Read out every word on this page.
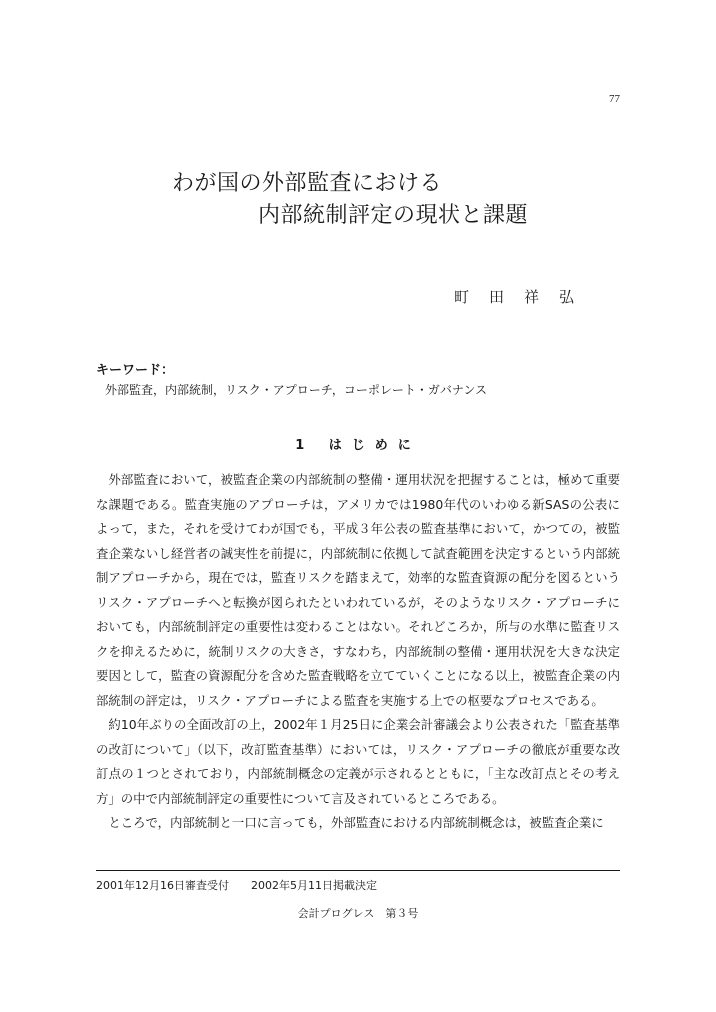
77
わが国の外部監査における
内部統制評定の現状と課題
町田祥弘
キーワード：
外部監査，内部統制，リスク・アプローチ，コーポレート・ガバナンス
1 はじめに

外部監査において，被監査企業の内部統制の整備・運用状況を把握することは，極めて重要な課題である。監査実施のアプローチは，アメリカでは1980年代のいわゆる新SASの公表によって，また，それを受けてわが国でも，平成３年公表の監査基準において，かつての，被監査企業ないし経営者の誠実性を前提に，内部統制に依拠して試査範囲を決定するという内部統制アプローチから，現在では，監査リスクを踏まえて，効率的な監査資源の配分を図るというリスク・アプローチへと転換が図られたといわれているが，そのようなリスク・アプローチにおいても，内部統制評定の重要性は変わることはない。それどころか，所与の水準に監査リスクを抑えるために，統制リスクの大きさ，すなわち，内部統制の整備・運用状況を大きな決定要因として，監査の資源配分を含めた監査戦略を立てていくことになる以上，被監査企業の内部統制の評定は，リスク・アプローチによる監査を実施する上での枢要なプロセスである。

約10年ぶりの全面改訂の上，2002年１月25日に企業会計審議会より公表された「監査基準の改訂について」（以下，改訂監査基準）においては，リスク・アプローチの徹底が重要な改訂点の１つとされており，内部統制概念の定義が示されるとともに，「主な改訂点とその考え方」の中で内部統制評定の重要性について言及されているところである。

ところで，内部統制と一口に言っても，外部監査における内部統制概念は，被監査企業に

2001年12月16日審査受付 2002年5月11日掲載決定
会計プログレス　第３号
